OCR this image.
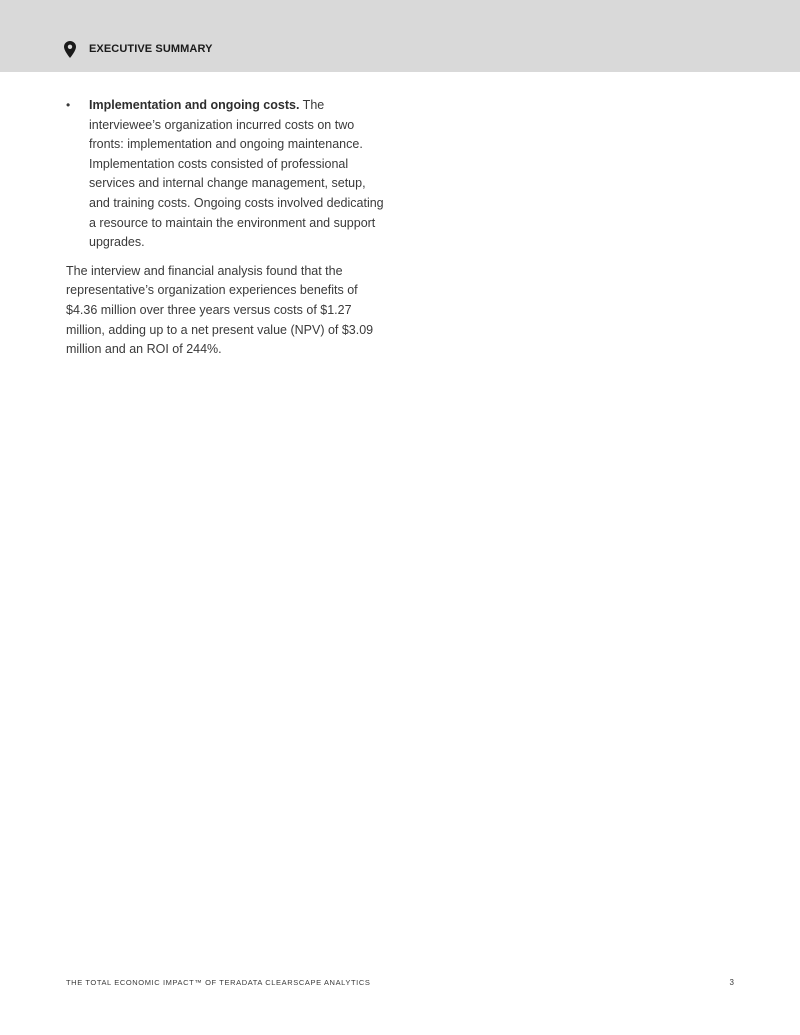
EXECUTIVE SUMMARY
• Implementation and ongoing costs. The interviewee’s organization incurred costs on two fronts: implementation and ongoing maintenance. Implementation costs consisted of professional services and internal change management, setup, and training costs. Ongoing costs involved dedicating a resource to maintain the environment and support upgrades.

The interview and financial analysis found that the representative’s organization experiences benefits of $4.36 million over three years versus costs of $1.27 million, adding up to a net present value (NPV) of $3.09 million and an ROI of 244%.

THE TOTAL ECONOMIC IMPACT™ OF TERADATA CLEARSCAPE ANALYTICS	3
